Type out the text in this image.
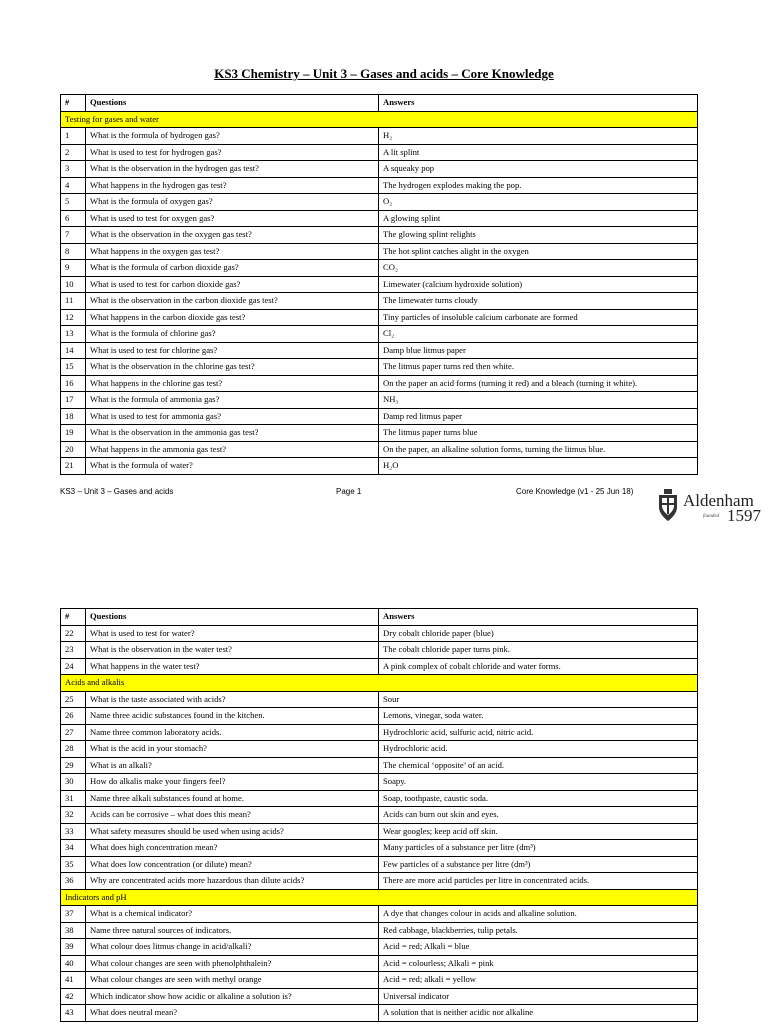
KS3 Chemistry – Unit 3 – Gases and acids – Core Knowledge
#	Questions	Answers
Testing for gases and water		
1	What is the formula of hydrogen gas?	H₂
2	What is used to test for hydrogen gas?	A lit splint
3	What is the observation in the hydrogen gas test?	A squeaky pop
4	What happens in the hydrogen gas test?	The hydrogen explodes making the pop.
5	What is the formula of oxygen gas?	O₂
6	What is used to test for oxygen gas?	A glowing splint
7	What is the observation in the oxygen gas test?	The glowing splint relights
8	What happens in the oxygen gas test?	The hot splint catches alight in the oxygen
9	What is the formula of carbon dioxide gas?	CO₂
10	What is used to test for carbon dioxide gas?	Limewater (calcium hydroxide solution)
11	What is the observation in the carbon dioxide gas test?	The limewater turns cloudy
12	What happens in the carbon dioxide gas test?	Tiny particles of insoluble calcium carbonate are formed
13	What is the formula of chlorine gas?	Cl₂
14	What is used to test for chlorine gas?	Damp blue litmus paper
15	What is the observation in the chlorine gas test?	The litmus paper turns red then white.
16	What happens in the chlorine gas test?	On the paper an acid forms (turning it red) and a bleach (turning it white).
17	What is the formula of ammonia gas?	NH₃
18	What is used to test for ammonia gas?	Damp red litmus paper
19	What is the observation in the ammonia gas test?	The litmus paper turns blue
20	What happens in the ammonia gas test?	On the paper, an alkaline solution forms, turning the litmus blue.
21	What is the formula of water?	H₂O
KS3 – Unit 3 – Gases and acids	Page 1	Core Knowledge (v1 - 25 Jun 18)	Aldenham
founded 1597
#	Questions	Answers
22	What is used to test for water?	Dry cobalt chloride paper (blue)
23	What is the observation in the water test?	The cobalt chloride paper turns pink.
24	What happens in the water test?	A pink complex of cobalt chloride and water forms.
Acids and alkalis		
25	What is the taste associated with acids?	Sour
26	Name three acidic substances found in the kitchen.	Lemons, vinegar, soda water.
27	Name three common laboratory acids.	Hydrochloric acid, sulfuric acid, nitric acid.
28	What is the acid in your stomach?	Hydrochloric acid.
29	What is an alkali?	The chemical ‘opposite’ of an acid.
30	How do alkalis make your fingers feel?	Soapy.
31	Name three alkali substances found at home.	Soap, toothpaste, caustic soda.
32	Acids can be corrosive – what does this mean?	Acids can burn out skin and eyes.
33	What safety measures should be used when using acids?	Wear googles; keep acid off skin.
34	What does high concentration mean?	Many particles of a substance per litre (dm³)
35	What does low concentration (or dilute) mean?	Few particles of a substance per litre (dm³)
36	Why are concentrated acids more hazardous than dilute acids?	There are more acid particles per litre in concentrated acids.
Indicators and pH		
37	What is a chemical indicator?	A dye that changes colour in acids and alkaline solution.
38	Name three natural sources of indicators.	Red cabbage, blackberries, tulip petals.
39	What colour does litmus change in acid/alkali?	Acid = red; Alkali = blue
40	What colour changes are seen with phenolphthalein?	Acid = colourless; Alkali = pink
41	What colour changes are seen with methyl orange	Acid = red; alkali = yellow
42	Which indicator show how acidic or alkaline a solution is?	Universal indicator
43	What does neutral mean?	A solution that is neither acidic nor alkaline
